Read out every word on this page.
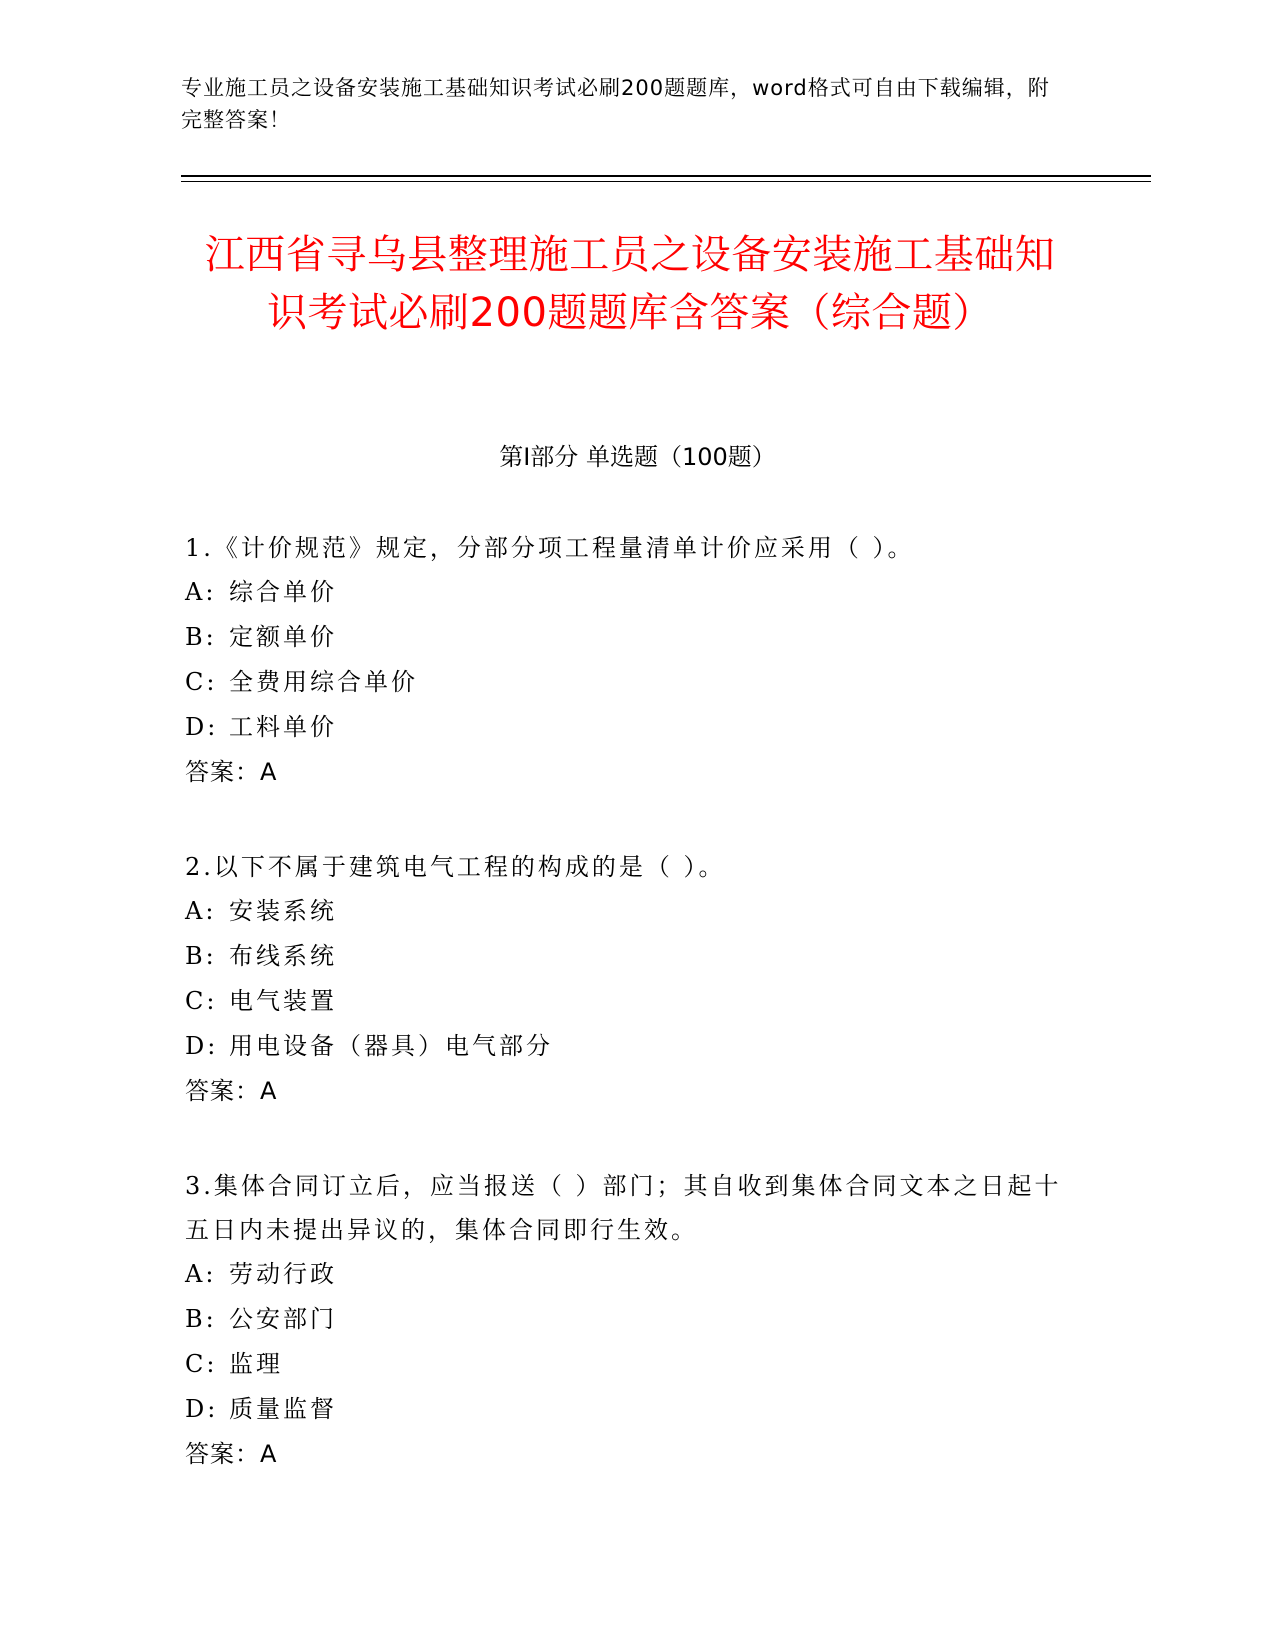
专业施工员之设备安装施工基础知识考试必刷200题题库，word格式可自由下载编辑，附完整答案！
江西省寻乌县整理施工员之设备安装施工基础知识考试必刷200题题库含答案（综合题）
第I部分 单选题（100题）

1.《计价规范》规定，分部分项工程量清单计价应采用（ ）。

A: 综合单价

B: 定额单价

C: 全费用综合单价

D: 工料单价

答案：A

2.以下不属于建筑电气工程的构成的是（ ）。

A: 安装系统

B: 布线系统

C: 电气装置

D: 用电设备（器具）电气部分

答案：A

3.集体合同订立后，应当报送（ ）部门；其自收到集体合同文本之日起十五日内未提出异议的，集体合同即行生效。

A: 劳动行政

B: 公安部门

C: 监理

D: 质量监督

答案：A
